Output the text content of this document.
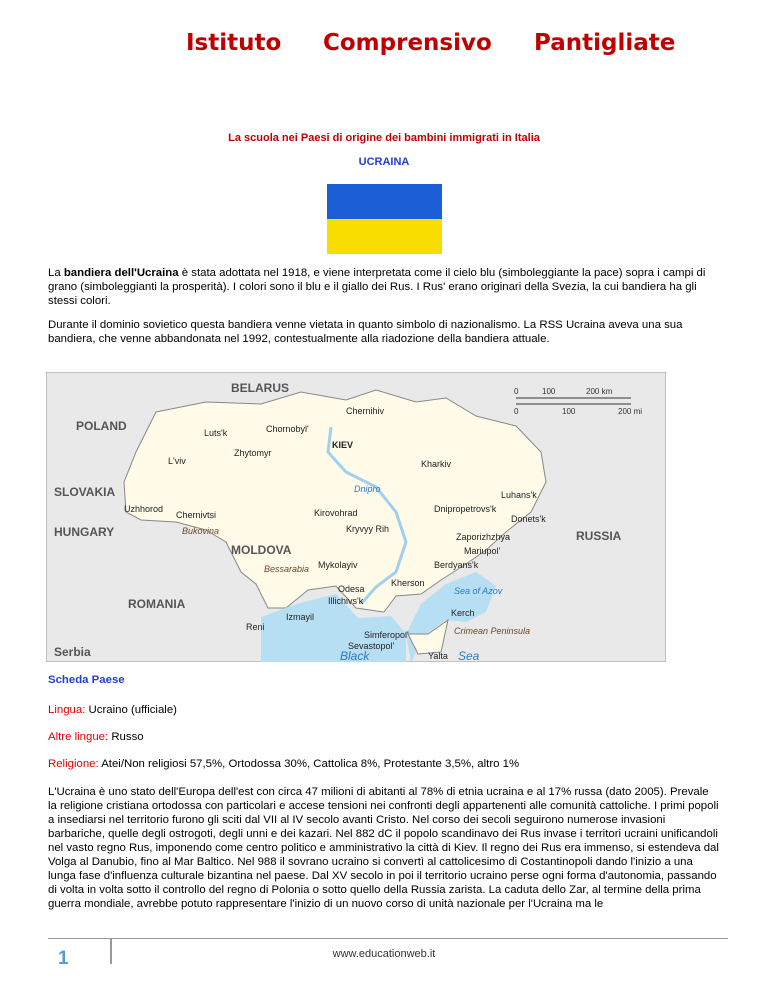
Istituto Comprensivo Pantigliate
La scuola nei Paesi di origine dei bambini immigrati in Italia
UCRAINA
La bandiera dell'Ucraina è stata adottata nel 1918, e viene interpretata come il cielo blu (simboleggiante la pace) sopra i campi di grano (simboleggianti la prosperità). I colori sono il blu e il giallo dei Rus. I Rus' erano originari della Svezia, la cui bandiera ha gli stessi colori.
Durante il dominio sovietico questa bandiera venne vietata in quanto simbolo di nazionalismo. La RSS Ucraina aveva una sua bandiera, che venne abbandonata nel 1992, contestualmente alla riadozione della bandiera attuale.
BELARUS
POLAND
SLOVAKIA
HUNGARY
MOLDOVA
ROMANIA
Serbia
RUSSIA
Chernihiv
Chornobyl'
Luts'k
KIEV
Zhytomyr
L'viv	Kharkiv
Uzhhorod
Chernivtsi	Kirovohrad	Dnipropetrovs'k
Luhans'k
Donets'k
Kryvyy Rih
Zaporizhzhya
Mariupol'
Berdyans'k
Mykolayiv
Odesa
Kherson
Illichivs'k
Izmayil
Reni
Kerch
Simferopol'
Sevastopol'
Yalta
Dnipro
Sea of Azov
Black	Sea
Bukovina
Bessarabia
Crimean Peninsula
0	100	200 km
0	100	200 mi
Scheda Paese
Lingua: Ucraino (ufficiale)
Altre lingue: Russo
Religione: Atei/Non religiosi 57,5%, Ortodossa 30%, Cattolica 8%, Protestante 3,5%, altro 1%
L'Ucraina è uno stato dell'Europa dell'est con circa 47 milioni di abitanti al 78% di etnia ucraina e al 17% russa (dato 2005). Prevale la religione cristiana ortodossa con particolari e accese tensioni nei confronti degli appartenenti alle comunità cattoliche. I primi popoli a insediarsi nel territorio furono gli sciti dal VII al IV secolo avanti Cristo. Nel corso dei secoli seguirono numerose invasioni barbariche, quelle degli ostrogoti, degli unni e dei kazari. Nel 882 dC il popolo scandinavo dei Rus invase i territori ucraini unificandoli nel vasto regno Rus, imponendo come centro politico e amministrativo la città di Kiev. Il regno dei Rus era immenso, si estendeva dal Volga al Danubio, fino al Mar Baltico. Nel 988 il sovrano ucraino si convertì al cattolicesimo di Costantinopoli dando l'inizio a una lunga fase d'influenza culturale bizantina nel paese. Dal XV secolo in poi il territorio ucraino perse ogni forma d'autonomia, passando di volta in volta sotto il controllo del regno di Polonia o sotto quello della Russia zarista. La caduta dello Zar, al termine della prima guerra mondiale, avrebbe potuto rappresentare l'inizio di un nuovo corso di unità nazionale per l'Ucraina ma le
1	www.educationweb.it
